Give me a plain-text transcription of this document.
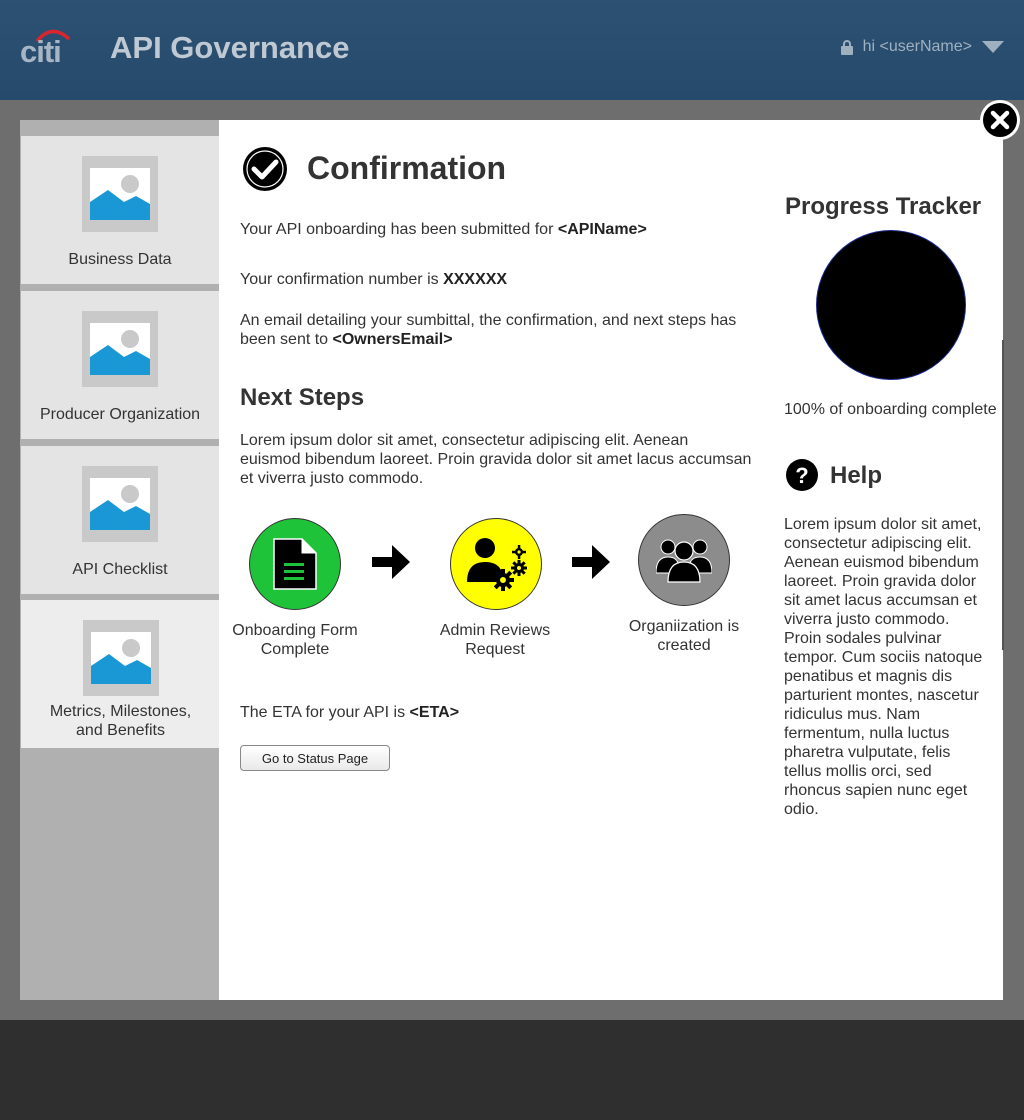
citi API Governance	hi <userName>
Business Data
Producer Organization
API Checklist
Metrics, Milestones, and Benefits
Confirmation
Your API onboarding has been submitted for <APIName>
Your confirmation number is XXXXXX
An email detailing your sumbittal, the confirmation, and next steps has been sent to <OwnersEmail>
Next Steps
Lorem ipsum dolor sit amet, consectetur adipiscing elit. Aenean euismod bibendum laoreet. Proin gravida dolor sit amet lacus accumsan et viverra justo commodo.
Onboarding Form Complete
Admin Reviews Request
Organiization is created
The ETA for your API is <ETA>
Go to Status Page
Progress Tracker
100% of onboarding complete
? Help
Lorem ipsum dolor sit amet, consectetur adipiscing elit. Aenean euismod bibendum laoreet. Proin gravida dolor sit amet lacus accumsan et viverra justo commodo. Proin sodales pulvinar tempor. Cum sociis natoque penatibus et magnis dis parturient montes, nascetur ridiculus mus. Nam fermentum, nulla luctus pharetra vulputate, felis tellus mollis orci, sed rhoncus sapien nunc eget odio.
